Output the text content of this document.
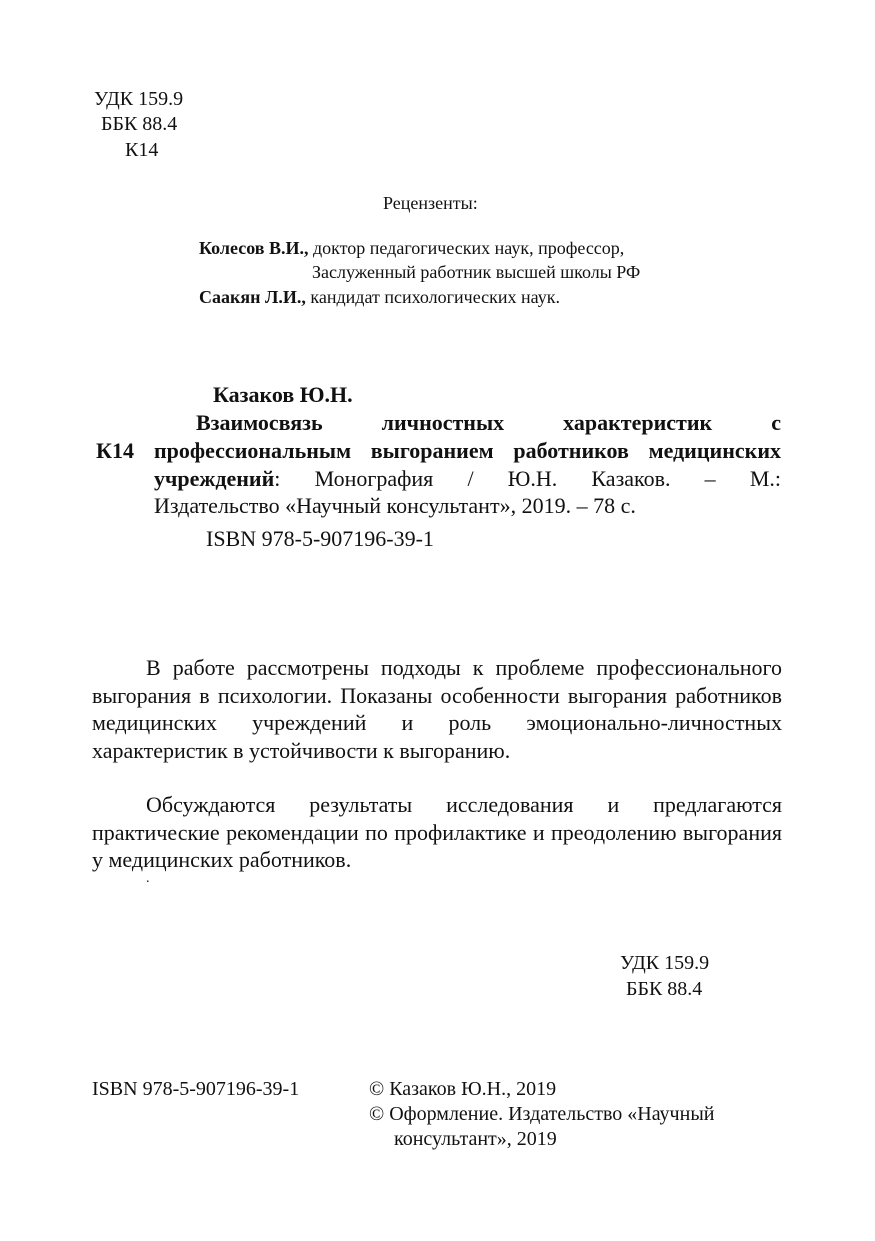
УДК 159.9
ББК 88.4
К14
Рецензенты:
Колесов В.И., доктор педагогических наук, профессор,
Заслуженный работник высшей школы РФ
Саакян Л.И., кандидат психологических наук.
Казаков Ю.Н.
К14
Взаимосвязь личностных характеристик с
профессиональным выгоранием работников медицинских
учреждений: Монография / Ю.Н. Казаков. – М.:
Издательство «Научный консультант», 2019. – 78 с.
ISBN 978-5-907196-39-1
В работе рассмотрены подходы к проблеме профессионального выгорания в психологии. Показаны особенности выгорания работников медицинских учреждений и роль эмоционально-личностных характеристик в устойчивости к выгоранию.
Обсуждаются результаты исследования и предлагаются практические рекомендации по профилактике и преодолению выгорания у медицинских работников.
.
УДК 159.9
ББК 88.4
ISBN 978-5-907196-39-1	© Казаков Ю.Н., 2019
© Оформление. Издательство «Научный
консультант», 2019
